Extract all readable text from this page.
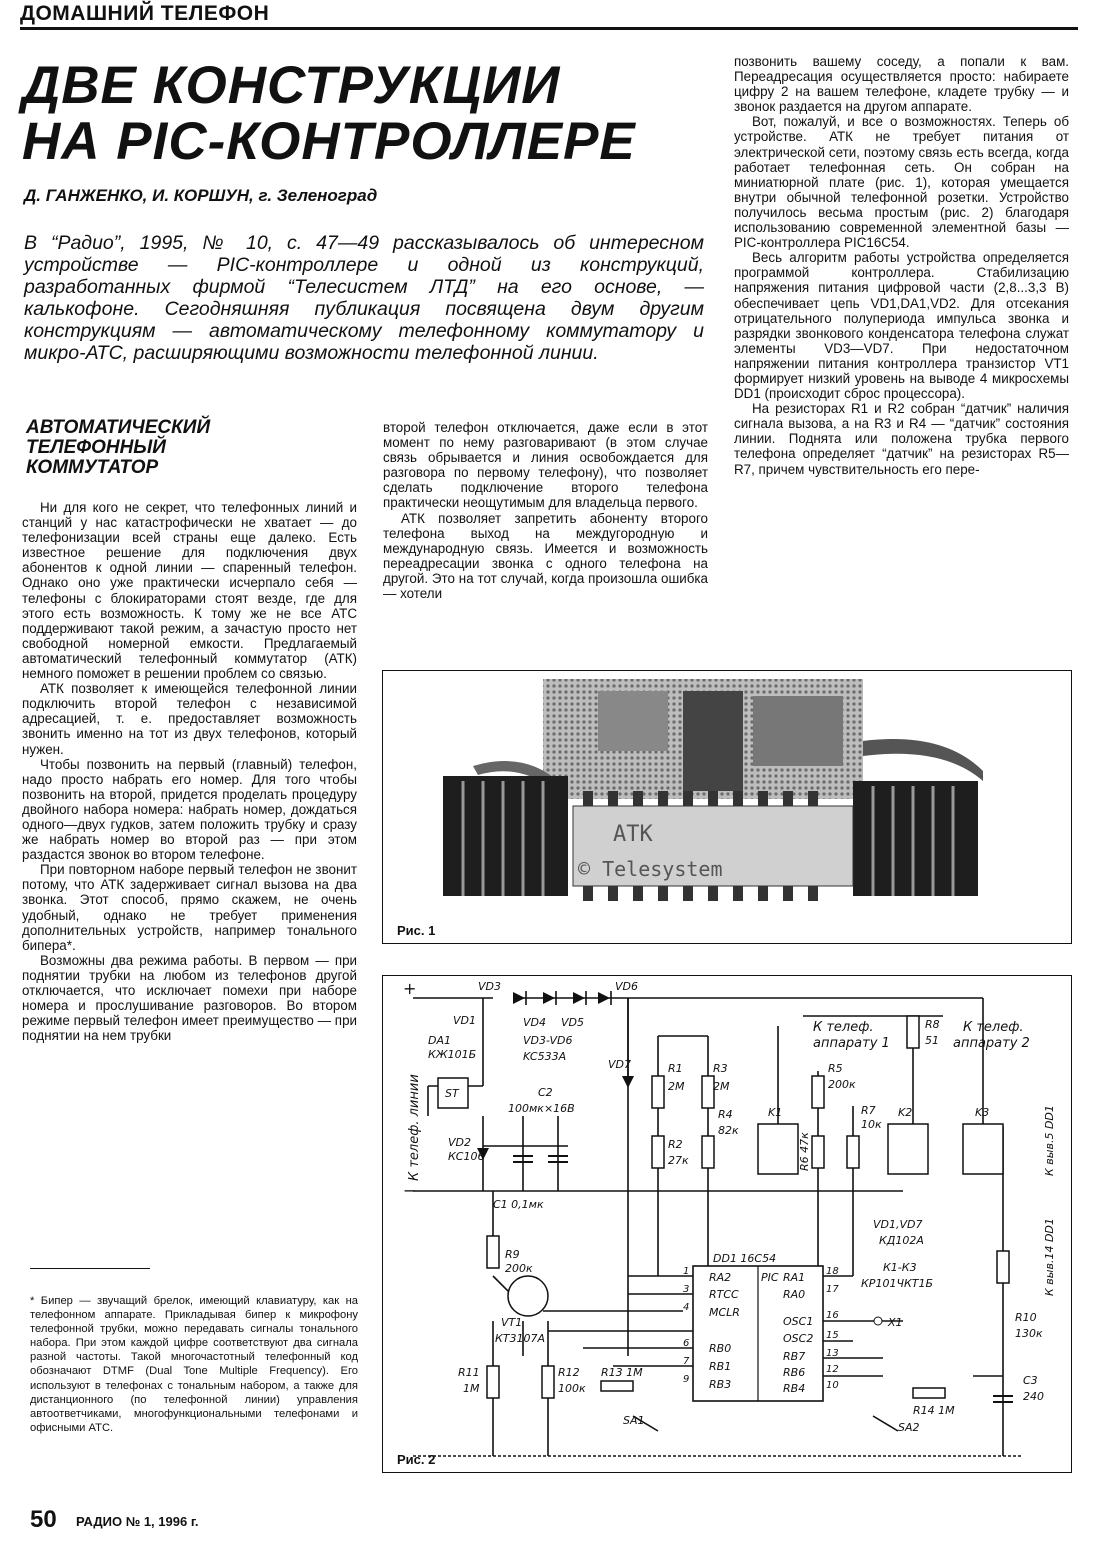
ДОМАШНИЙ ТЕЛЕФОН
ДВЕ КОНСТРУКЦИИ
НА PIC-КОНТРОЛЛЕРЕ
Д. ГАНЖЕНКО, И. КОРШУН, г. Зеленоград

В “Радио”, 1995, № 10, с. 47—49 рассказывалось об интересном устройстве — PIC-контроллере и одной из конструкций, разработанных фирмой “Телесистем ЛТД” на его основе, — калькофоне. Сегодняшняя публикация посвящена двум другим конструкциям — автоматическому телефонному коммутатору и микро-АТС, расширяющими возможности телефонной линии.

АВТОМАТИЧЕСКИЙ
ТЕЛЕФОННЫЙ
КОММУТАТОР

Ни для кого не секрет, что телефонных линий и станций у нас катастрофически не хватает — до телефонизации всей страны еще далеко. Есть известное решение для подключения двух абонентов к одной линии — спаренный телефон. Однако оно уже практически исчерпало себя — телефоны с блокираторами стоят везде, где для этого есть возможность. К тому же не все АТС поддерживают такой режим, а зачастую просто нет свободной номерной емкости. Предлагаемый автоматический телефонный коммутатор (АТК) немного поможет в решении проблем со связью.

АТК позволяет к имеющейся телефонной линии подключить второй телефон с независимой адресацией, т. е. предоставляет возможность звонить именно на тот из двух телефонов, который нужен.

Чтобы позвонить на первый (главный) телефон, надо просто набрать его номер. Для того чтобы позвонить на второй, придется проделать процедуру двойного набора номера: набрать номер, дождаться одного—двух гудков, затем положить трубку и сразу же набрать номер во второй раз — при этом раздастся звонок во втором телефоне.

При повторном наборе первый телефон не звонит потому, что АТК задерживает сигнал вызова на два звонка. Этот способ, прямо скажем, не очень удобный, однако не требует применения дополнительных устройств, например тонального бипера*.

Возможны два режима работы. В первом — при поднятии трубки на любом из телефонов другой отключается, что исключает помехи при наборе номера и прослушивание разговоров. Во втором режиме первый телефон имеет преимущество — при поднятии на нем трубки

второй телефон отключается, даже если в этот момент по нему разговаривают (в этом случае связь обрывается и линия освобождается для разговора по первому телефону), что позволяет сделать подключение второго телефона практически неощутимым для владельца первого.

АТК позволяет запретить абоненту второго телефона выход на междугородную и международную связь. Имеется и возможность переадресации звонка с одного телефона на другой. Это на тот случай, когда произошла ошибка — хотели

позвонить вашему соседу, а попали к вам. Переадресация осуществляется просто: набираете цифру 2 на вашем телефоне, кладете трубку — и звонок раздается на другом аппарате.

Вот, пожалуй, и все о возможностях. Теперь об устройстве. АТК не требует питания от электрической сети, поэтому связь есть всегда, когда работает телефонная сеть. Он собран на миниатюрной плате (рис. 1), которая умещается внутри обычной телефонной розетки. Устройство получилось весьма простым (рис. 2) благодаря использованию современной элементной базы — PIC-контроллера PIC16C54.

Весь алгоритм работы устройства определяется программой контроллера. Стабилизацию напряжения питания цифровой части (2,8...3,3 В) обеспечивает цепь VD1,DA1,VD2. Для отсекания отрицательного полупериода импульса звонка и разрядки звонкового конденсатора телефона служат элементы VD3—VD7. При недостаточном напряжении питания контроллера транзистор VT1 формирует низкий уровень на выводе 4 микросхемы DD1 (происходит сброс процессора).

На резисторах R1 и R2 собран “датчик” наличия сигнала вызова, а на R3 и R4 — “датчик” состояния линии. Поднята или положена трубка первого телефона определяет “датчик” на резисторах R5—R7, причем чувствительность его пере-

* Бипер — звучащий брелок, имеющий клавиатуру, как на телефонном аппарате. Прикладывая бипер к микрофону телефонной трубки, можно передавать сигналы тонального набора. При этом каждой цифре соответствуют два сигнала разной частоты. Такой многочастотный телефонный код обозначают DTMF (Dual Tone Multiple Frequency). Его используют в телефонах с тональным набором, а также для дистанционного (по телефонной линии) управления автоответчиками, многофункциональными телефонами и офисными АТС.

ATK
© Telesystem
Рис. 1
+
−
VD3	VD6
VD1	VD4 VD5
VD3-VD6
KC533A
DA1
КЖ101Б
ST
К телеф. линии	C2
100мк×16В
VD2
КС106
C1 0,1мк
VD7	R1
2М
R3
2М
R2
27к
R4
82к
R5
200к
R6 47к
R7
10к
R8
51
K1	K2	K3
К телеф.
аппарату 1
К телеф.
аппарату 2
R9
200к
VT1
КТ3107А
DD1 16C54
PIC
RA2
RTCC
MCLR
RB0
RB1
RB3
RA1
RA0
OSC1
OSC2
RB7
RB6
RB4
1
3
4
6
7
9
18
17
16
15
13
12
10
VD1,VD7
КД102А
К1-К3
КР101ЧКТ1Б
X1
R11
1М
R12
100к
R13 1М
SA1
R14 1М
SA2
R10
130к
C3
240
К выв.5 DD1
К выв.14 DD1
Рис. 2
50 РАДИО № 1, 1996 г.
